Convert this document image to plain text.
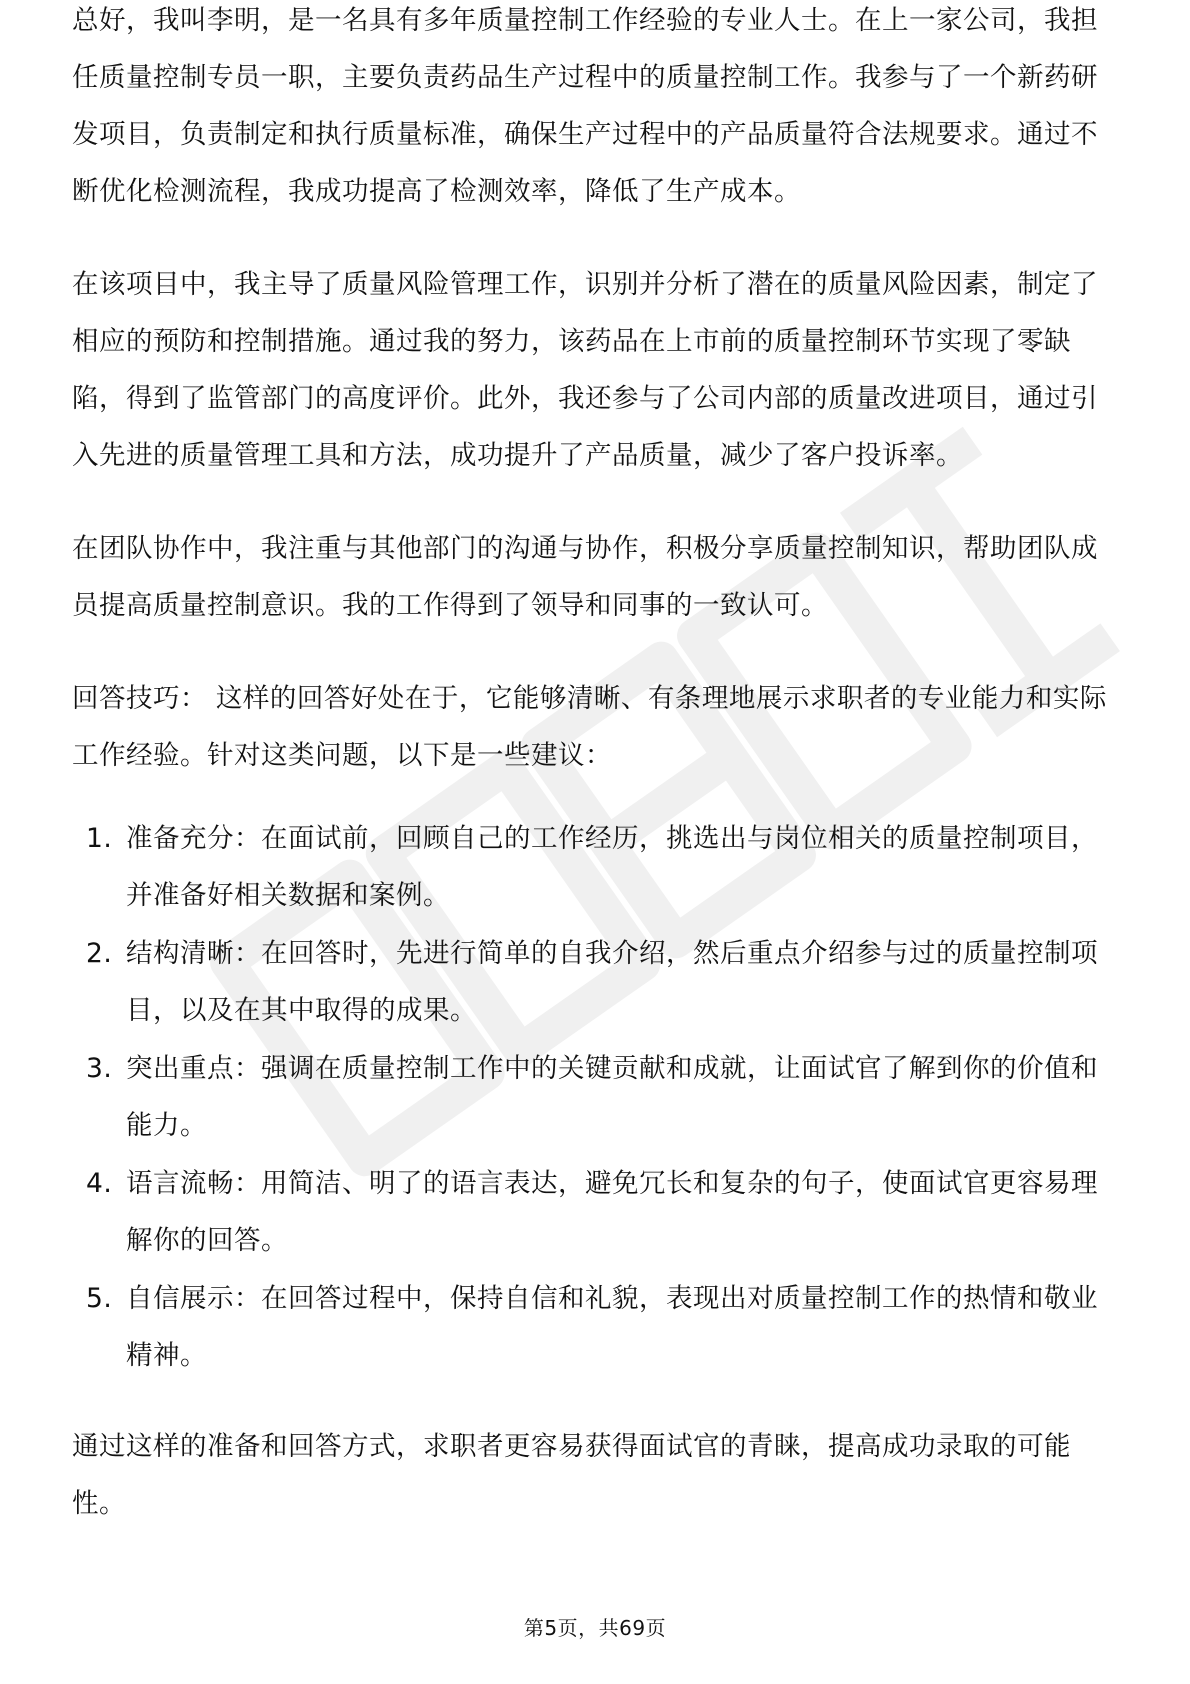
总好，我叫李明，是一名具有多年质量控制工作经验的专业人士。在上一家公司，我担任质量控制专员一职，主要负责药品生产过程中的质量控制工作。我参与了一个新药研发项目，负责制定和执行质量标准，确保生产过程中的产品质量符合法规要求。通过不断优化检测流程，我成功提高了检测效率，降低了生产成本。

在该项目中，我主导了质量风险管理工作，识别并分析了潜在的质量风险因素，制定了相应的预防和控制措施。通过我的努力，该药品在上市前的质量控制环节实现了零缺陷，得到了监管部门的高度评价。此外，我还参与了公司内部的质量改进项目，通过引入先进的质量管理工具和方法，成功提升了产品质量，减少了客户投诉率。

在团队协作中，我注重与其他部门的沟通与协作，积极分享质量控制知识，帮助团队成员提高质量控制意识。我的工作得到了领导和同事的一致认可。

回答技巧： 这样的回答好处在于，它能够清晰、有条理地展示求职者的专业能力和实际工作经验。针对这类问题，以下是一些建议：

1. 准备充分：在面试前，回顾自己的工作经历，挑选出与岗位相关的质量控制项目，并准备好相关数据和案例。
2. 结构清晰：在回答时，先进行简单的自我介绍，然后重点介绍参与过的质量控制项目，以及在其中取得的成果。
3. 突出重点：强调在质量控制工作中的关键贡献和成就，让面试官了解到你的价值和能力。
4. 语言流畅：用简洁、明了的语言表达，避免冗长和复杂的句子，使面试官更容易理解你的回答。
5. 自信展示：在回答过程中，保持自信和礼貌，表现出对质量控制工作的热情和敬业精神。

通过这样的准备和回答方式，求职者更容易获得面试官的青睐，提高成功录取的可能性。

第5页，共69页
